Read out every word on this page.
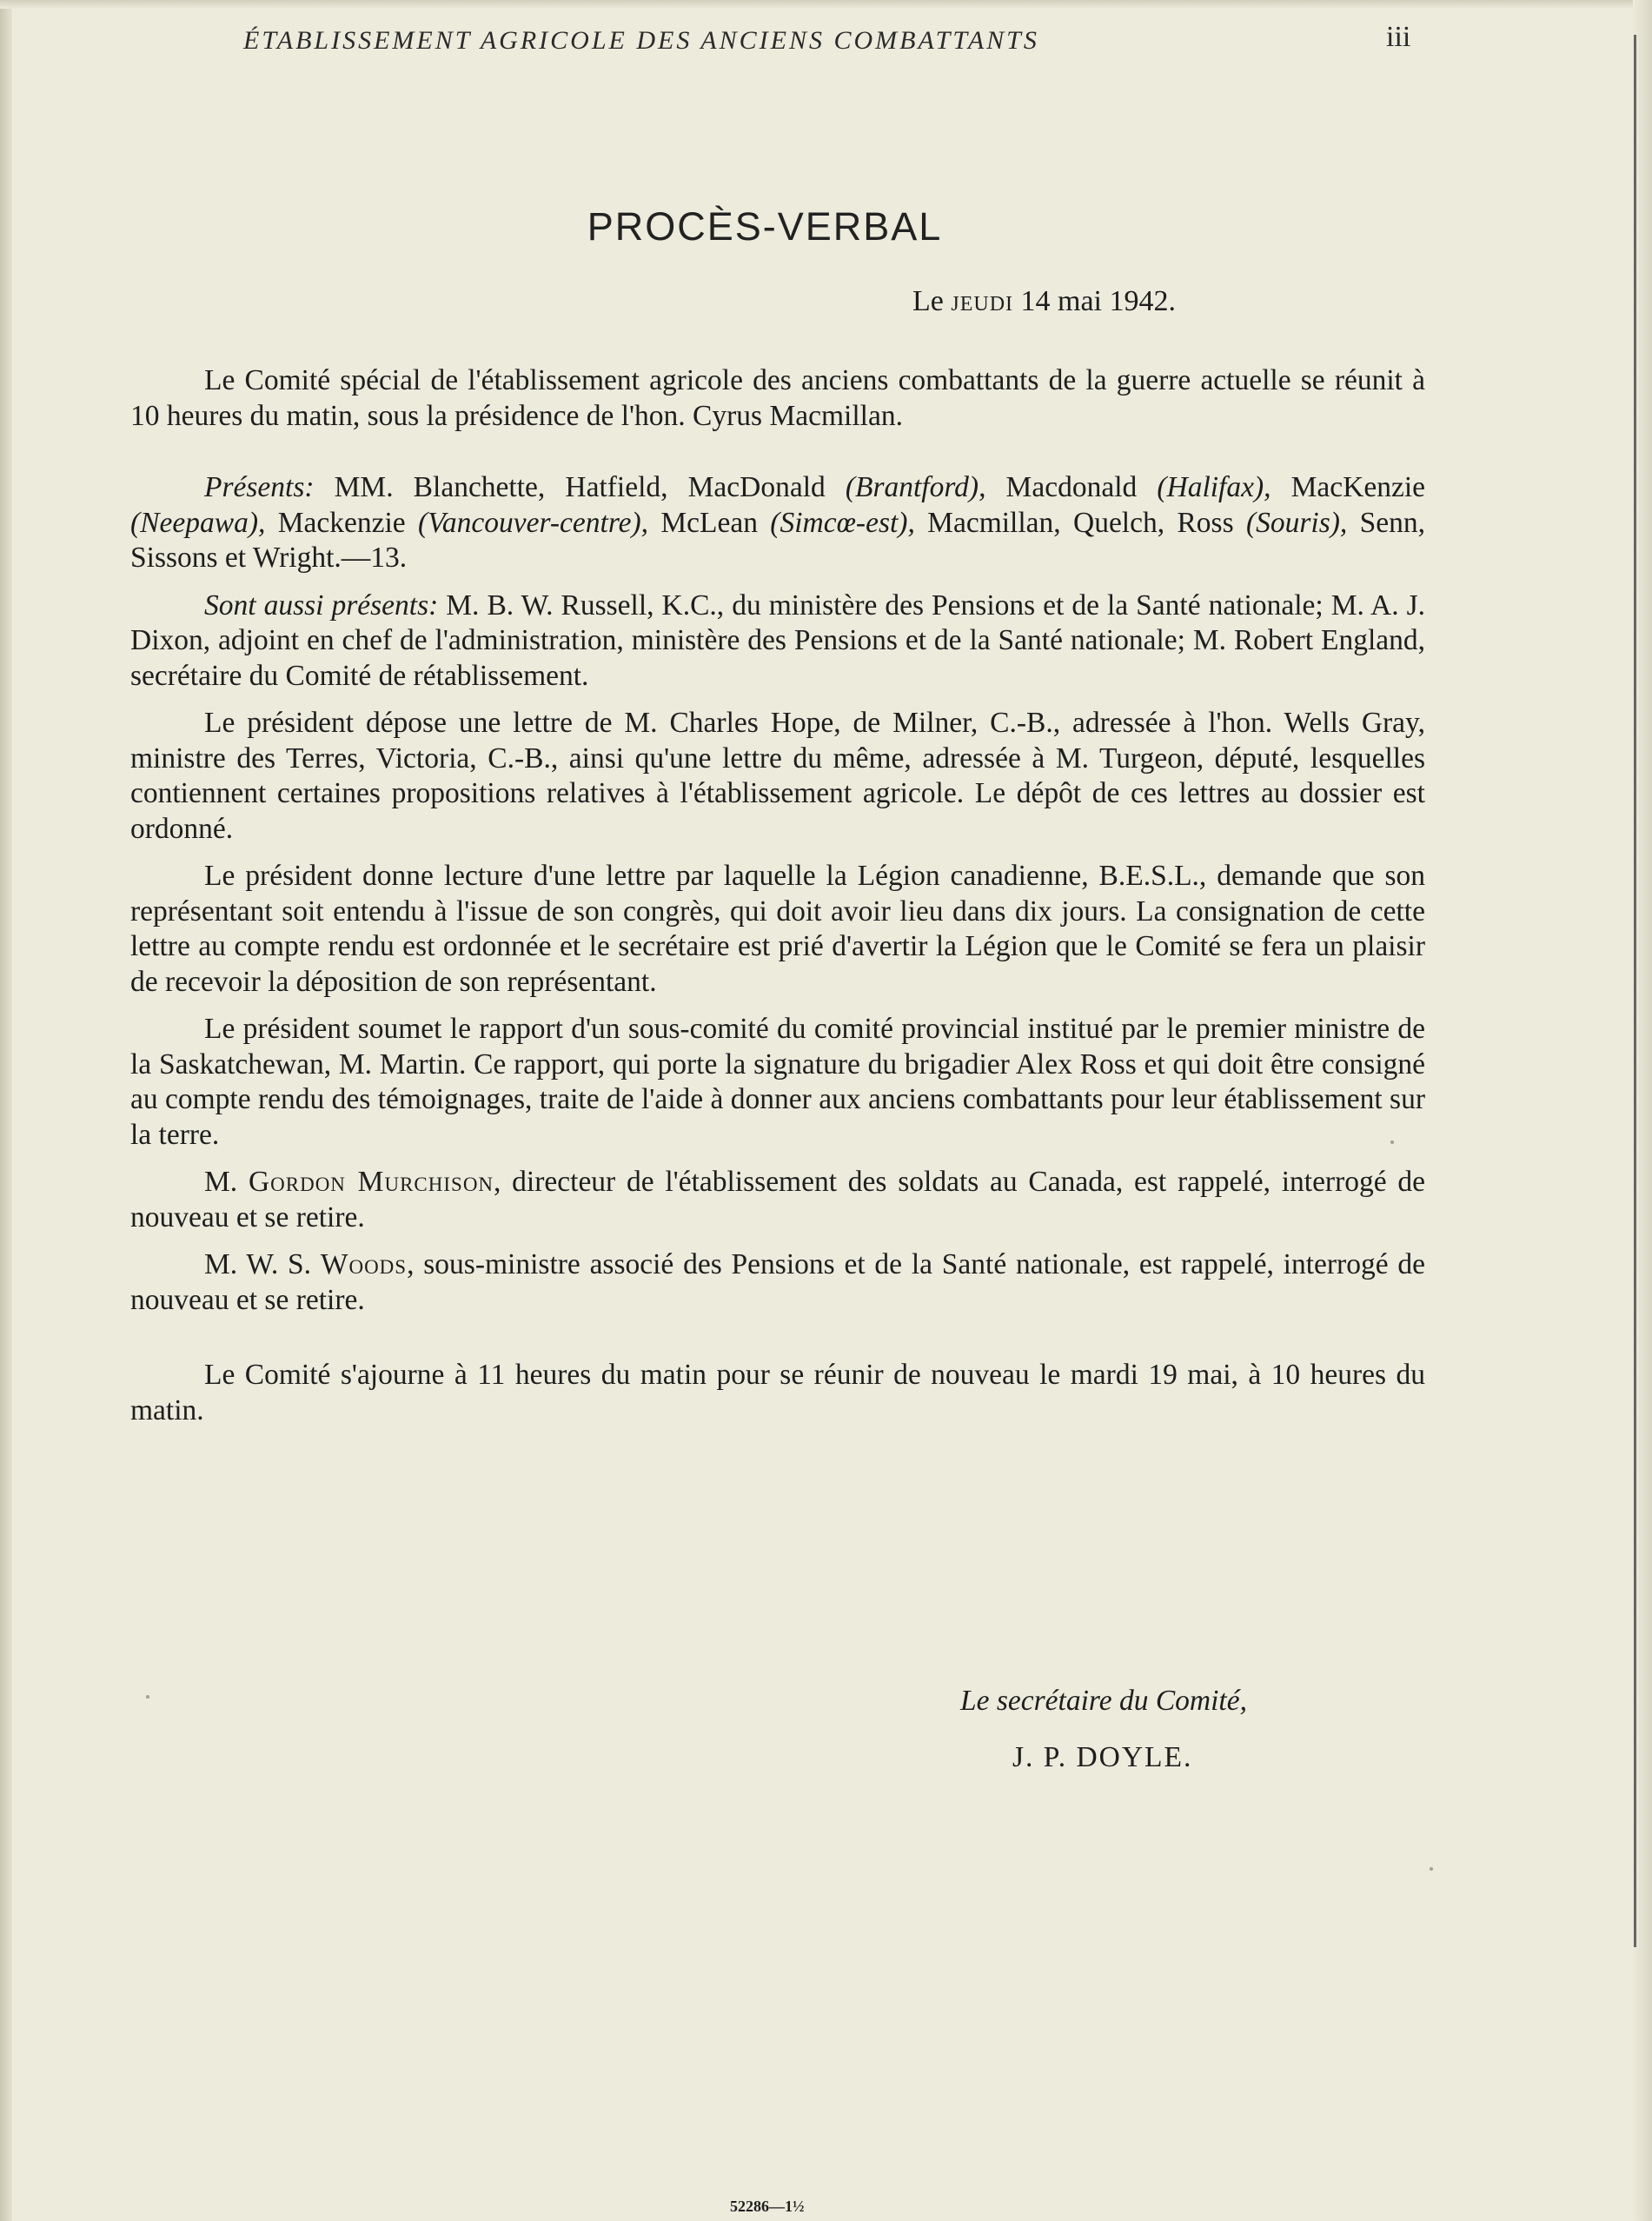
ÉTABLISSEMENT AGRICOLE DES ANCIENS COMBATTANTS	iii
PROCÈS-VERBAL
Le jeudi 14 mai 1942.

Le Comité spécial de l'établissement agricole des anciens combattants de la guerre actuelle se réunit à 10 heures du matin, sous la présidence de l'hon. Cyrus Macmillan.

Présents: MM. Blanchette, Hatfield, MacDonald (Brantford), Macdonald (Halifax), MacKenzie (Neepawa), Mackenzie (Vancouver-centre), McLean (Simcœ-est), Macmillan, Quelch, Ross (Souris), Senn, Sissons et Wright.—13.

Sont aussi présents: M. B. W. Russell, K.C., du ministère des Pensions et de la Santé nationale; M. A. J. Dixon, adjoint en chef de l'administration, ministère des Pensions et de la Santé nationale; M. Robert England, secrétaire du Comité de rétablissement.

Le président dépose une lettre de M. Charles Hope, de Milner, C.-B., adressée à l'hon. Wells Gray, ministre des Terres, Victoria, C.-B., ainsi qu'une lettre du même, adressée à M. Turgeon, député, lesquelles contiennent certaines propositions relatives à l'établissement agricole. Le dépôt de ces lettres au dossier est ordonné.

Le président donne lecture d'une lettre par laquelle la Légion canadienne, B.E.S.L., demande que son représentant soit entendu à l'issue de son congrès, qui doit avoir lieu dans dix jours. La consignation de cette lettre au compte rendu est ordonnée et le secrétaire est prié d'avertir la Légion que le Comité se fera un plaisir de recevoir la déposition de son représentant.

Le président soumet le rapport d'un sous-comité du comité provincial institué par le premier ministre de la Saskatchewan, M. Martin. Ce rapport, qui porte la signature du brigadier Alex Ross et qui doit être consigné au compte rendu des témoignages, traite de l'aide à donner aux anciens combattants pour leur établissement sur la terre.

M. Gordon Murchison, directeur de l'établissement des soldats au Canada, est rappelé, interrogé de nouveau et se retire.

M. W. S. Woods, sous-ministre associé des Pensions et de la Santé nationale, est rappelé, interrogé de nouveau et se retire.

Le Comité s'ajourne à 11 heures du matin pour se réunir de nouveau le mardi 19 mai, à 10 heures du matin.

Le secrétaire du Comité,
J. P. DOYLE.
52286—1½
